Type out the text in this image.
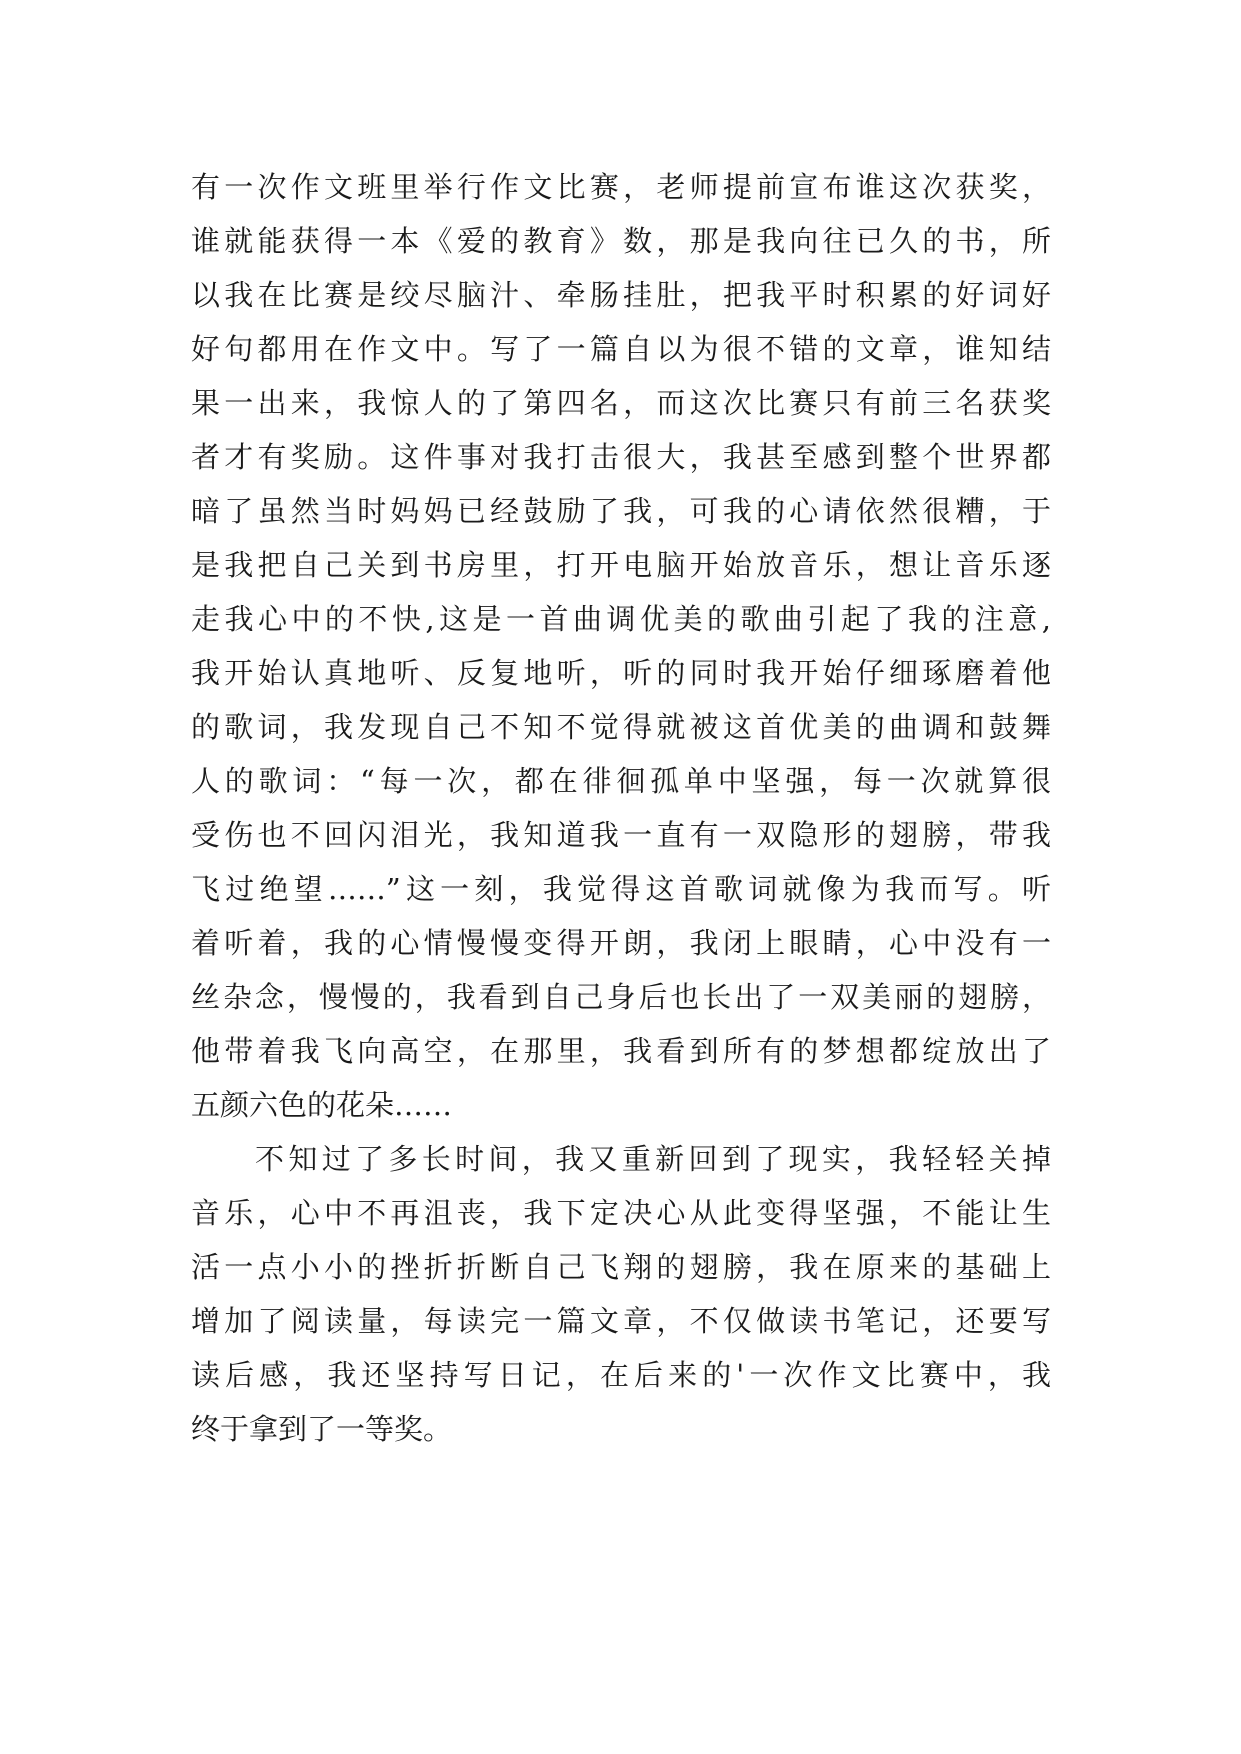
有一次作文班里举行作文比赛，老师提前宣布谁这次获奖，
谁就能获得一本《爱的教育》数，那是我向往已久的书，所
以我在比赛是绞尽脑汁、牵肠挂肚，把我平时积累的好词好
好句都用在作文中。写了一篇自以为很不错的文章，谁知结
果一出来，我惊人的了第四名，而这次比赛只有前三名获奖
者才有奖励。这件事对我打击很大，我甚至感到整个世界都
暗了虽然当时妈妈已经鼓励了我，可我的心请依然很糟，于
是我把自己关到书房里，打开电脑开始放音乐，想让音乐逐
走我心中的不快,这是一首曲调优美的歌曲引起了我的注意,
我开始认真地听、反复地听，听的同时我开始仔细琢磨着他
的歌词，我发现自己不知不觉得就被这首优美的曲调和鼓舞
人的歌词：“每一次，都在徘徊孤单中坚强，每一次就算很
受伤也不回闪泪光，我知道我一直有一双隐形的翅膀，带我
飞过绝望……”这一刻，我觉得这首歌词就像为我而写。听
着听着，我的心情慢慢变得开朗，我闭上眼睛，心中没有一
丝杂念，慢慢的，我看到自己身后也长出了一双美丽的翅膀，
他带着我飞向高空，在那里，我看到所有的梦想都绽放出了
五颜六色的花朵……
不知过了多长时间，我又重新回到了现实，我轻轻关掉
音乐，心中不再沮丧，我下定决心从此变得坚强，不能让生
活一点小小的挫折折断自己飞翔的翅膀，我在原来的基础上
增加了阅读量，每读完一篇文章，不仅做读书笔记，还要写
读后感，我还坚持写日记，在后来的'一次作文比赛中，我
终于拿到了一等奖。
